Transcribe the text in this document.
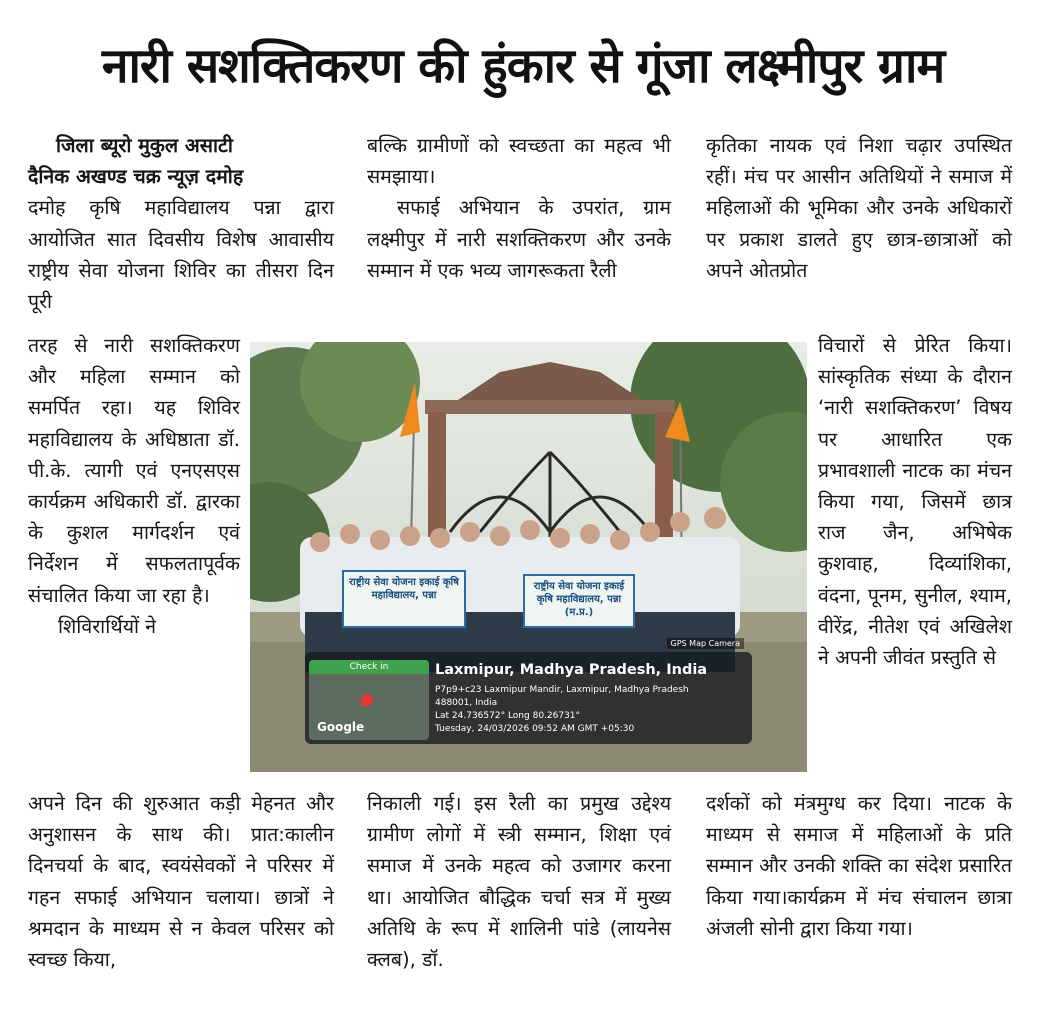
नारी सशक्तिकरण की हुंकार से गूंजा लक्ष्मीपुर ग्राम
जिला ब्यूरो मुकुल असाटी
दैनिक अखण्ड चक्र न्यूज़ दमोह
दमोह कृषि महाविद्यालय पन्ना द्वारा आयोजित सात दिवसीय विशेष आवासीय राष्ट्रीय सेवा योजना शिविर का तीसरा दिन पूरी
तरह से नारी सशक्तिकरण और महिला सम्मान को समर्पित रहा। यह शिविर महाविद्यालय के अधिष्ठाता डॉ. पी.के. त्यागी एवं एनएसएस कार्यक्रम अधिकारी डॉ. द्वारका के कुशल मार्गदर्शन एवं निर्देशन में सफलतापूर्वक संचालित किया जा रहा है।
शिविरार्थियों ने
अपने दिन की शुरुआत कड़ी मेहनत और अनुशासन के साथ की। प्रात:कालीन दिनचर्या के बाद, स्वयंसेवकों ने परिसर में गहन सफाई अभियान चलाया। छात्रों ने श्रमदान के माध्यम से न केवल परिसर को स्वच्छ किया,
बल्कि ग्रामीणों को स्वच्छता का महत्व भी समझाया।
सफाई अभियान के उपरांत, ग्राम लक्ष्मीपुर में नारी सशक्तिकरण और उनके सम्मान में एक भव्य जागरूकता रैली
निकाली गई। इस रैली का प्रमुख उद्देश्य ग्रामीण लोगों में स्त्री सम्मान, शिक्षा एवं समाज में उनके महत्व को उजागर करना था। आयोजित बौद्धिक चर्चा सत्र में मुख्य अतिथि के रूप में शालिनी पांडे (लायनेस क्लब), डॉ.
कृतिका नायक एवं निशा चढ़ार उपस्थित रहीं। मंच पर आसीन अतिथियों ने समाज में महिलाओं की भूमिका और उनके अधिकारों पर प्रकाश डालते हुए छात्र-छात्राओं को अपने ओतप्रोत
विचारों से प्रेरित किया। सांस्कृतिक संध्या के दौरान ‘नारी सशक्तिकरण’ विषय पर आधारित एक प्रभावशाली नाटक का मंचन किया गया, जिसमें छात्र राज जैन, अभिषेक कुशवाह, दिव्यांशिका, वंदना, पूनम, सुनील, श्याम, वीरेंद्र, नीतेश एवं अखिलेश ने अपनी जीवंत प्रस्तुति से
दर्शकों को मंत्रमुग्ध कर दिया। नाटक के माध्यम से समाज में महिलाओं के प्रति सम्मान और उनकी शक्ति का संदेश प्रसारित किया गया।कार्यक्रम में मंच संचालन छात्रा अंजली सोनी द्वारा किया गया।
राष्ट्रीय सेवा योजना इकाई कृषि महाविद्यालय, पन्ना
राष्ट्रीय सेवा योजना इकाई कृषि महाविद्यालय, पन्ना (म.प्र.)
GPS Map Camera
Check in
Google
Laxmipur, Madhya Pradesh, India
P7p9+c23 Laxmipur Mandir, Laxmipur, Madhya Pradesh
488001, India
Lat 24.736572° Long 80.26731°
Tuesday, 24/03/2026 09:52 AM GMT +05:30
